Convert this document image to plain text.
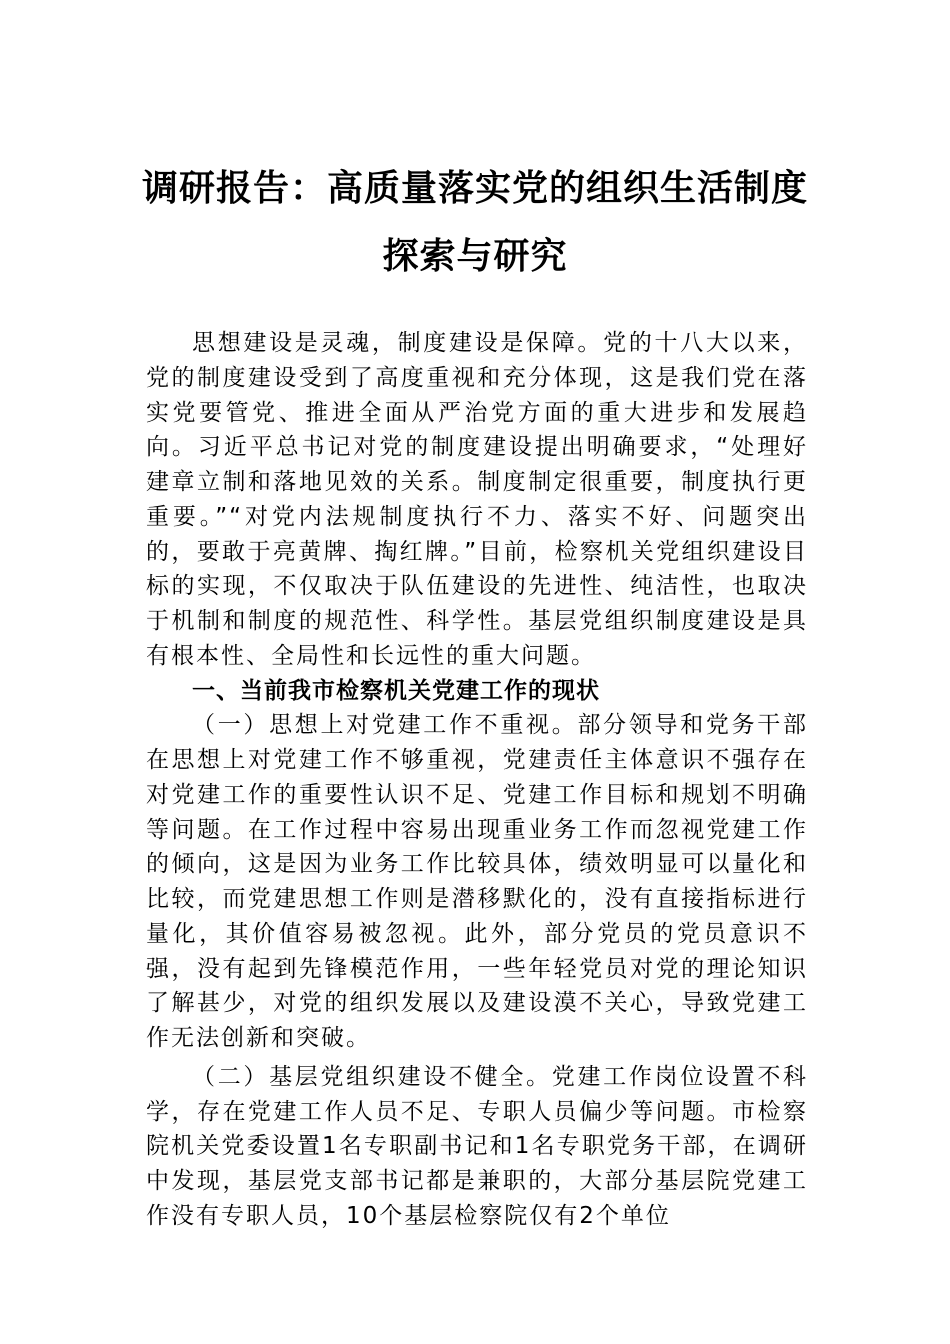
调研报告：高质量落实党的组织生活制度
探索与研究

思想建设是灵魂，制度建设是保障。党的十八大以来，党的制度建设受到了高度重视和充分体现，这是我们党在落实党要管党、推进全面从严治党方面的重大进步和发展趋向。习近平总书记对党的制度建设提出明确要求，“处理好建章立制和落地见效的关系。制度制定很重要，制度执行更重要。”“对党内法规制度执行不力、落实不好、问题突出的，要敢于亮黄牌、掏红牌。”目前，检察机关党组织建设目标的实现，不仅取决于队伍建设的先进性、纯洁性，也取决于机制和制度的规范性、科学性。基层党组织制度建设是具有根本性、全局性和长远性的重大问题。

一、当前我市检察机关党建工作的现状

（一）思想上对党建工作不重视。部分领导和党务干部在思想上对党建工作不够重视，党建责任主体意识不强存在对党建工作的重要性认识不足、党建工作目标和规划不明确等问题。在工作过程中容易出现重业务工作而忽视党建工作的倾向，这是因为业务工作比较具体，绩效明显可以量化和比较，而党建思想工作则是潜移默化的，没有直接指标进行量化，其价值容易被忽视。此外，部分党员的党员意识不强，没有起到先锋模范作用，一些年轻党员对党的理论知识了解甚少，对党的组织发展以及建设漠不关心，导致党建工作无法创新和突破。

（二）基层党组织建设不健全。党建工作岗位设置不科学，存在党建工作人员不足、专职人员偏少等问题。市检察院机关党委设置1名专职副书记和1名专职党务干部，在调研中发现，基层党支部书记都是兼职的，大部分基层院党建工作没有专职人员，10个基层检察院仅有2个单位
